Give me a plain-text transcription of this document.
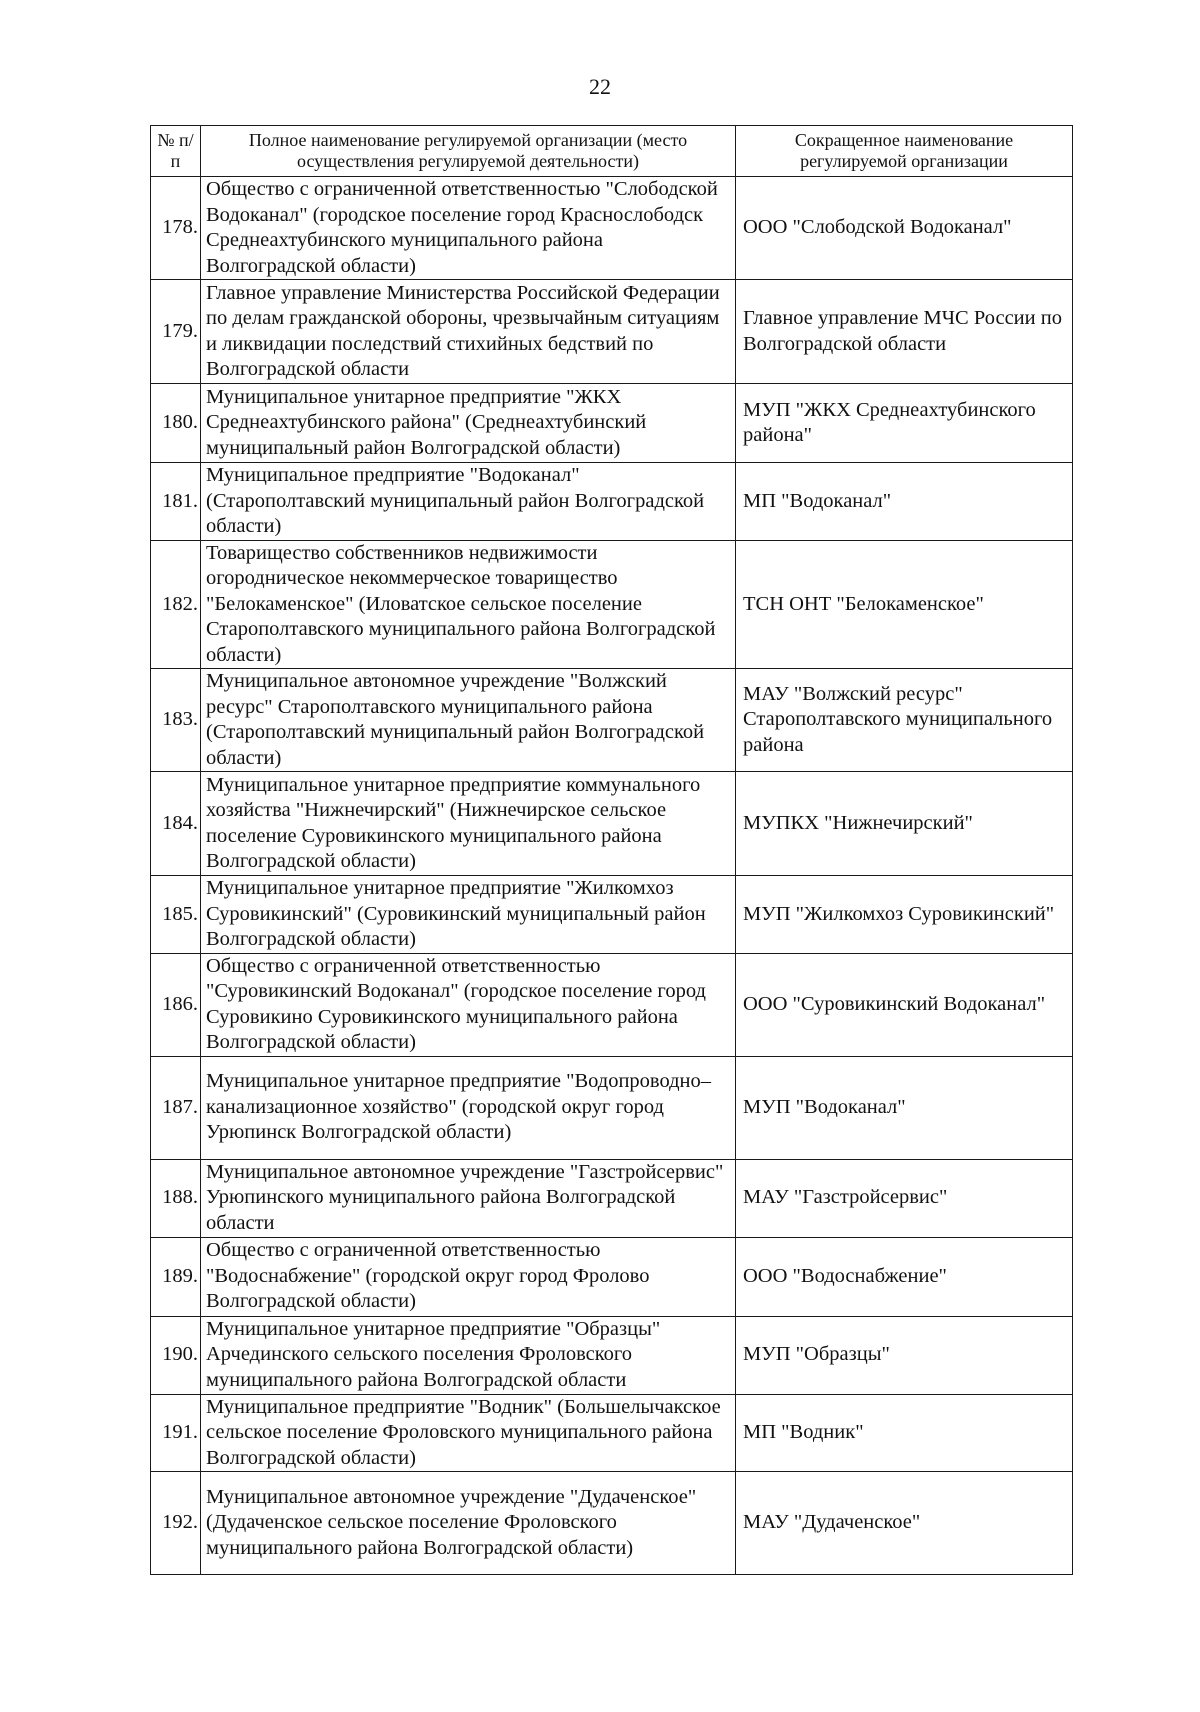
22
№ п/п	Полное наименование регулируемой организации (место осуществления регулируемой деятельности)	Сокращенное наименование регулируемой организации
178.	Общество с ограниченной ответственностью "Слободской Водоканал" (городское поселение город Краснослободск Среднеахтубинского муниципального района Волгоградской области)	ООО "Слободской Водоканал"
179.	Главное управление Министерства Российской Федерации по делам гражданской обороны, чрезвычайным ситуациям и ликвидации последствий стихийных бедствий по Волгоградской области	Главное управление МЧС России по Волгоградской области
180.	Муниципальное унитарное предприятие "ЖКХ Среднеахтубинского района" (Среднеахтубинский муниципальный район Волгоградской области)	МУП "ЖКХ Среднеахтубинского района"
181.	Муниципальное предприятие "Водоканал" (Старополтавский муниципальный район Волгоградской области)	МП "Водоканал"
182.	Товарищество собственников недвижимости огородническое некоммерческое товарищество "Белокаменское" (Иловатское сельское поселение Старополтавского муниципального района Волгоградской области)	ТСН ОНТ "Белокаменское"
183.	Муниципальное автономное учреждение "Волжский ресурс" Старополтавского муниципального района (Старополтавский муниципальный район Волгоградской области)	МАУ "Волжский ресурс" Старополтавского муниципального района
184.	Муниципальное унитарное предприятие коммунального хозяйства "Нижнечирский" (Нижнечирское сельское поселение Суровикинского муниципального района Волгоградской области)	МУПКХ "Нижнечирский"
185.	Муниципальное унитарное предприятие "Жилкомхоз Суровикинский" (Суровикинский муниципальный район Волгоградской области)	МУП "Жилкомхоз Суровикинский"
186.	Общество с ограниченной ответственностью "Суровикинский Водоканал" (городское поселение город Суровикино Суровикинского муниципального района Волгоградской области)	ООО "Суровикинский Водоканал"
187.	Муниципальное унитарное предприятие "Водопроводно–канализационное хозяйство" (городской округ город Урюпинск Волгоградской области)	МУП "Водоканал"
188.	Муниципальное автономное учреждение "Газстройсервис" Урюпинского муниципального района Волгоградской области	МАУ "Газстройсервис"
189.	Общество с ограниченной ответственностью "Водоснабжение" (городской округ город Фролово Волгоградской области)	ООО "Водоснабжение"
190.	Муниципальное унитарное предприятие "Образцы" Арчединского сельского поселения Фроловского муниципального района Волгоградской области	МУП "Образцы"
191.	Муниципальное предприятие "Водник" (Большелычакское сельское поселение Фроловского муниципального района Волгоградской области)	МП "Водник"
192.	Муниципальное автономное учреждение "Дудаченское" (Дудаченское сельское поселение Фроловского муниципального района Волгоградской области)	МАУ "Дудаченское"
